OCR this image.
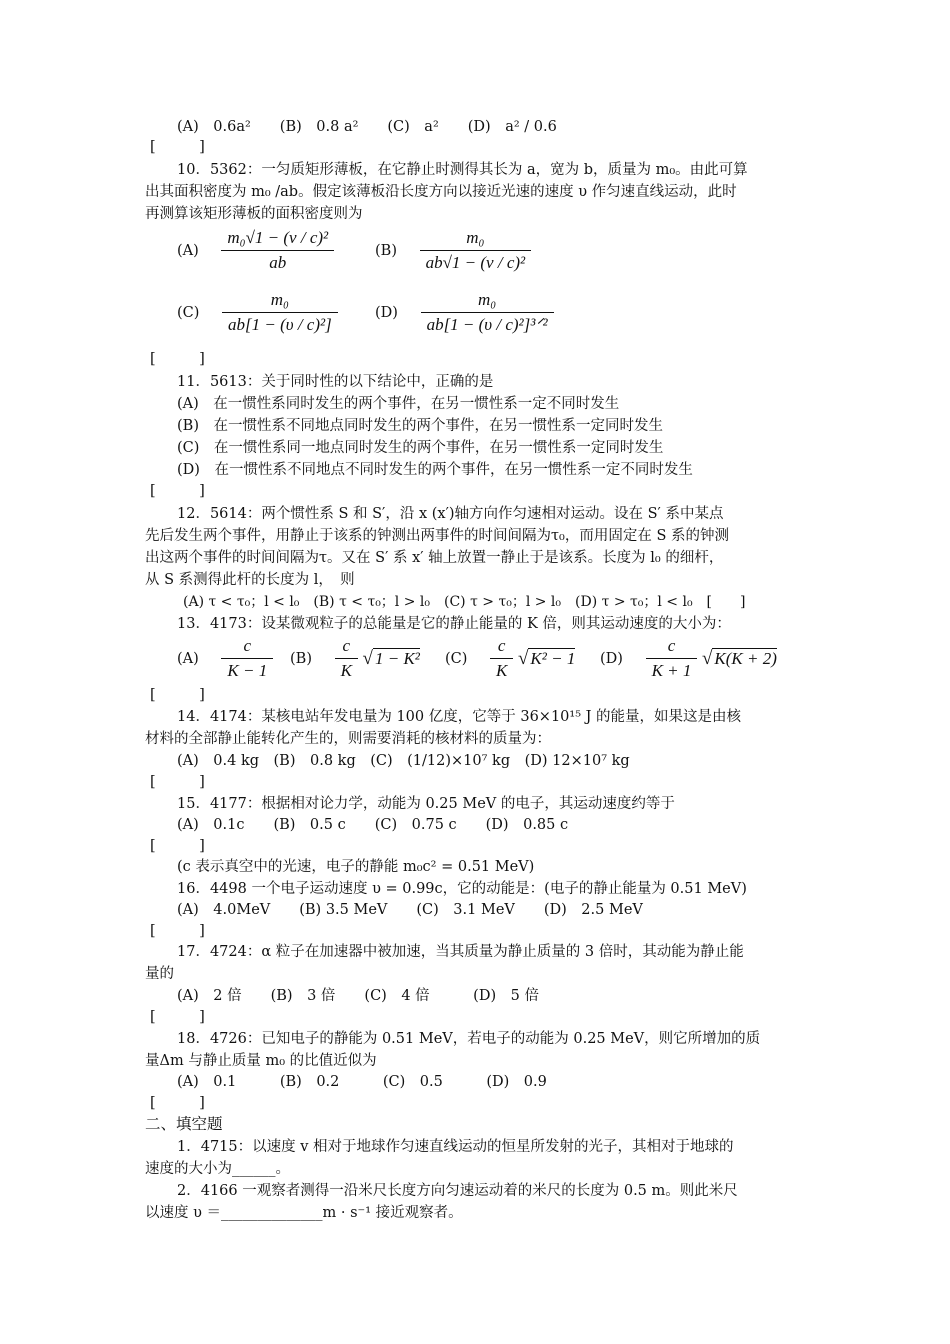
(A)　0.6a²　　(B)　0.8 a²　　(C)　a²　　(D)　a² / 0.6
[　　　]
10．5362：一匀质矩形薄板，在它静止时测得其长为 a，宽为 b，质量为 m₀。由此可算
出其面积密度为 m₀ /ab。假定该薄板沿长度方向以接近光速的速度 υ 作匀速直线运动，此时
再测算该矩形薄板的面积密度则为
$(A) \frac{\text{m₀√1 − (v / c)²}}{ab}$	$(B) \frac{\text{m₀}}{\text{ab√1 − (v / c)²}}$
$(C) \frac{\text{m₀}}{\text{ab[1 − (υ / c)²]}}$	$(D) \frac{\text{m₀}}{\text{ab[1 − (υ / c)²]³ᐟ²}}$
[　　　]
11．5613：关于同时性的以下结论中，正确的是
(A)　在一惯性系同时发生的两个事件，在另一惯性系一定不同时发生
(B)　在一惯性系不同地点同时发生的两个事件，在另一惯性系一定同时发生
(C)　在一惯性系同一地点同时发生的两个事件，在另一惯性系一定同时发生
(D)　在一惯性系不同地点不同时发生的两个事件，在另一惯性系一定不同时发生
[　　　]
12．5614：两个惯性系 S 和 S′，沿 x (x′)轴方向作匀速相对运动。设在 S′ 系中某点
先后发生两个事件，用静止于该系的钟测出两事件的时间间隔为τ₀，而用固定在 S 系的钟测
出这两个事件的时间间隔为τ。又在 S′ 系 x′ 轴上放置一静止于是该系。长度为 l₀ 的细杆，
从 S 系测得此杆的长度为 l，　则
(A) τ < τ₀；l < l₀　(B) τ < τ₀；l > l₀　(C) τ > τ₀；l > l₀　(D) τ > τ₀；l < l₀　[　　]
13．4173：设某微观粒子的总能量是它的静止能量的 K 倍，则其运动速度的大小为：
$(A) \frac{c}{K - 1} (B) \frac{c}{K}$ √ 1 − K² $(C) \frac{c}{K}$ √ K² − 1 $(D) \frac{c}{K + 1}$ √ K(K + 2)
[　　　]
14．4174：某核电站年发电量为 100 亿度，它等于 36×10¹⁵ J 的能量，如果这是由核
材料的全部静止能转化产生的，则需要消耗的核材料的质量为：
(A)　0.4 kg　(B)　0.8 kg　(C)　(1/12)×10⁷ kg　(D) 12×10⁷ kg
[　　　]
15．4177：根据相对论力学，动能为 0.25 MeV 的电子，其运动速度约等于
(A)　0.1c　　(B)　0.5 c　　(C)　0.75 c　　(D)　0.85 c
[　　　]
(c 表示真空中的光速，电子的静能 m₀c² = 0.51 MeV)
16．4498 一个电子运动速度 υ = 0.99c，它的动能是：(电子的静止能量为 0.51 MeV)
(A)　4.0MeV　　(B) 3.5 MeV　　(C)　3.1 MeV　　(D)　2.5 MeV
[　　　]
17．4724：α 粒子在加速器中被加速，当其质量为静止质量的 3 倍时，其动能为静止能
量的
(A)　2 倍　　(B)　3 倍　　(C)　4 倍　　　(D)　5 倍
[　　　]
18．4726：已知电子的静能为 0.51 MeV，若电子的动能为 0.25 MeV，则它所增加的质
量Δm 与静止质量 m₀ 的比值近似为
(A)　0.1　　　(B)　0.2　　　(C)　0.5　　　(D)　0.9
[　　　]
二、填空题
1．4715：以速度 v 相对于地球作匀速直线运动的恒星所发射的光子，其相对于地球的
速度的大小为______。
2．4166 一观察者测得一沿米尺长度方向匀速运动着的米尺的长度为 0.5 m。则此米尺
以速度 υ ＝______________m · s⁻¹ 接近观察者。
